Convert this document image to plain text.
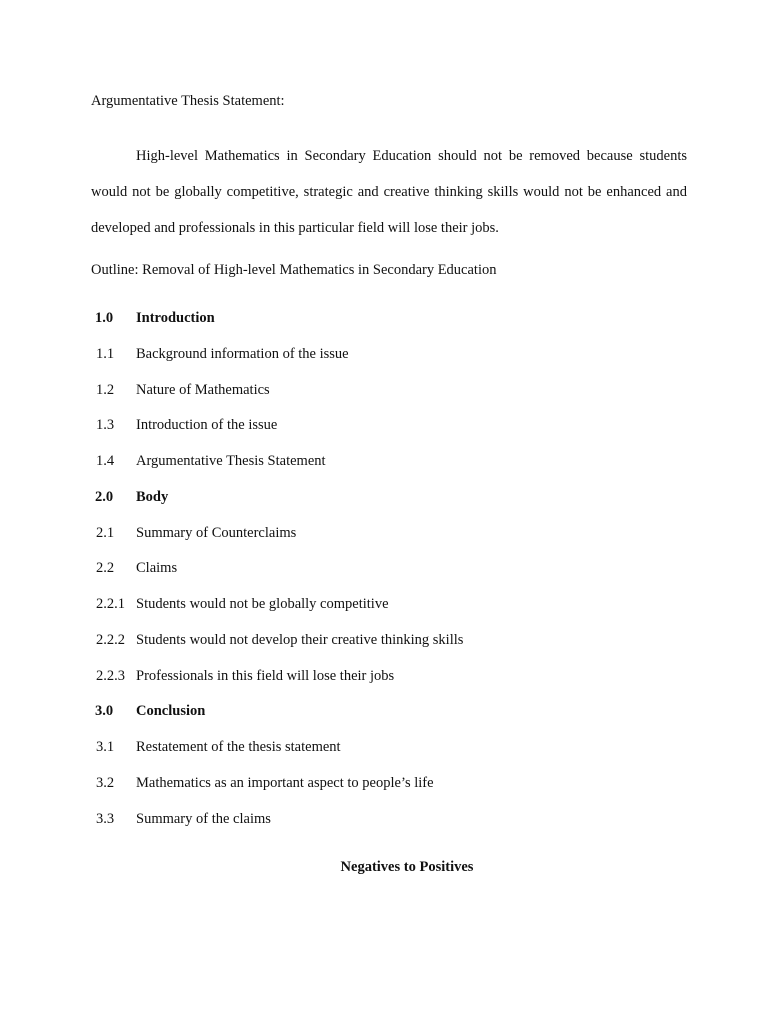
Argumentative Thesis Statement:

High-level Mathematics in Secondary Education should not be removed because students would not be globally competitive, strategic and creative thinking skills would not be enhanced and developed and professionals in this particular field will lose their jobs.

Outline: Removal of High-level Mathematics in Secondary Education
1.0	Introduction
1.1	Background information of the issue
1.2	Nature of Mathematics
1.3	Introduction of the issue
1.4	Argumentative Thesis Statement
2.0	Body
2.1	Summary of Counterclaims
2.2	Claims
2.2.1 Students would not be globally competitive
2.2.2 Students would not develop their creative thinking skills
2.2.3 Professionals in this field will lose their jobs
3.0	Conclusion
3.1	Restatement of the thesis statement
3.2	Mathematics as an important aspect to people’s life
3.3	Summary of the claims
Negatives to Positives
